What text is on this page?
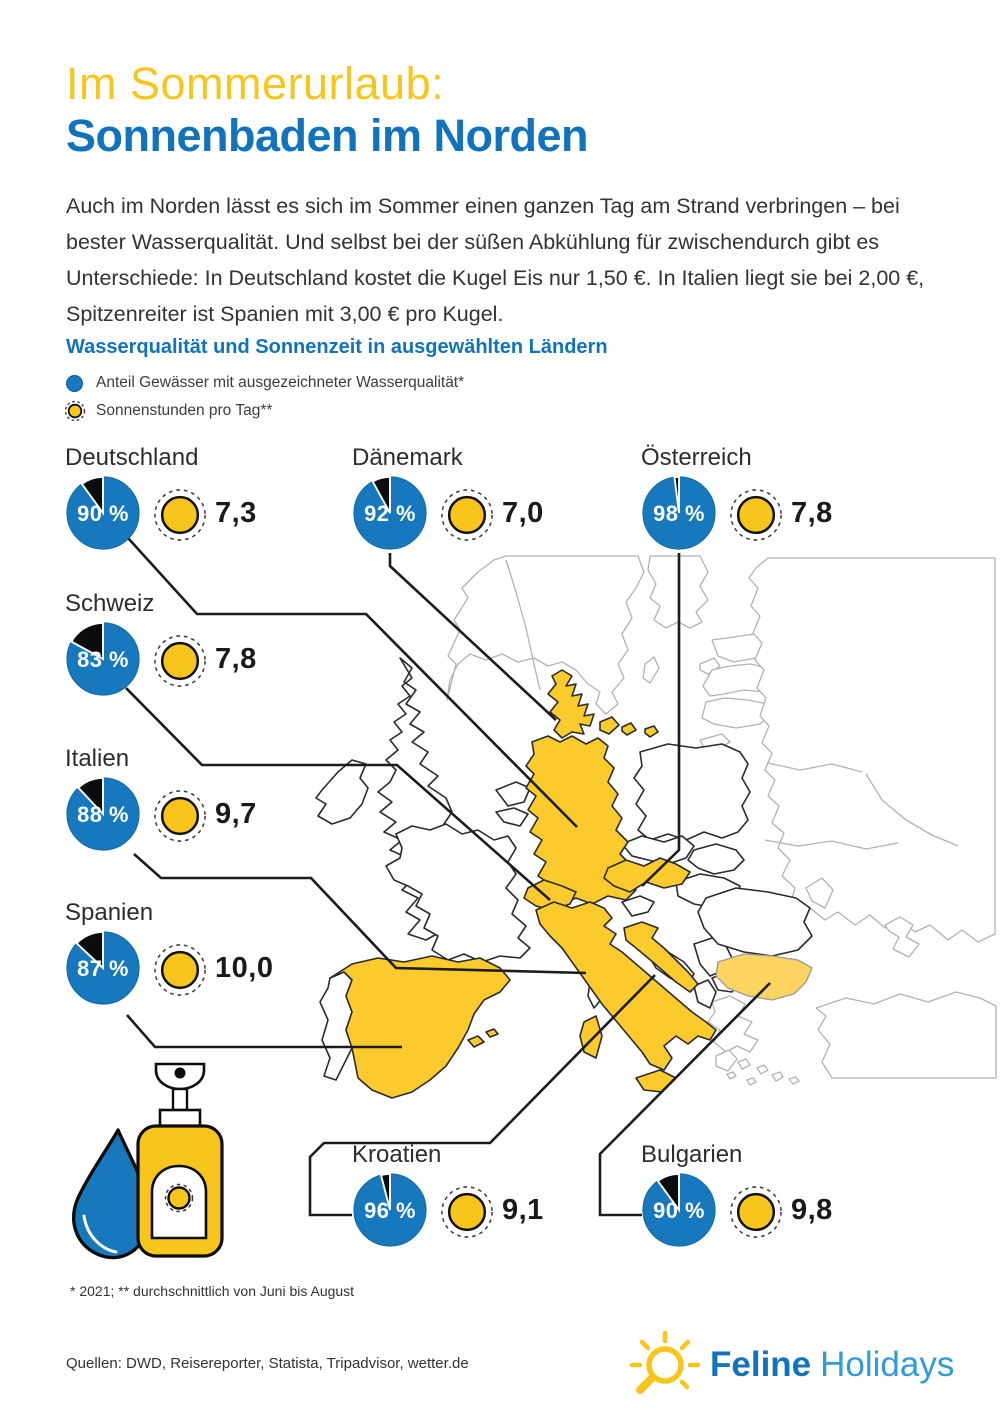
Im Sommerurlaub:
Sonnenbaden im Norden
Auch im Norden lässt es sich im Sommer einen ganzen Tag am Strand verbringen – bei bester Wasserqualität. Und selbst bei der süßen Abkühlung für zwischendurch gibt es Unterschiede: In Deutschland kostet die Kugel Eis nur 1,50 €. In Italien liegt sie bei 2,00 €, Spitzenreiter ist Spanien mit 3,00 € pro Kugel.
Wasserqualität und Sonnenzeit in ausgewählten Ländern
Anteil Gewässer mit ausgezeichneter Wasserqualität*
Sonnenstunden pro Tag**
Deutschland
90 %	7,3
Dänemark
92 %	7,0
Österreich
98 %	7,8
Schweiz
83 %	7,8
Italien
88 %	9,7
Spanien
87 %	10,0
Kroatien
96 %	9,1
Bulgarien
90 %	9,8
* 2021; ** durchschnittlich von Juni bis August
Quellen: DWD, Reisereporter, Statista, Tripadvisor, wetter.de	Feline Holidays
